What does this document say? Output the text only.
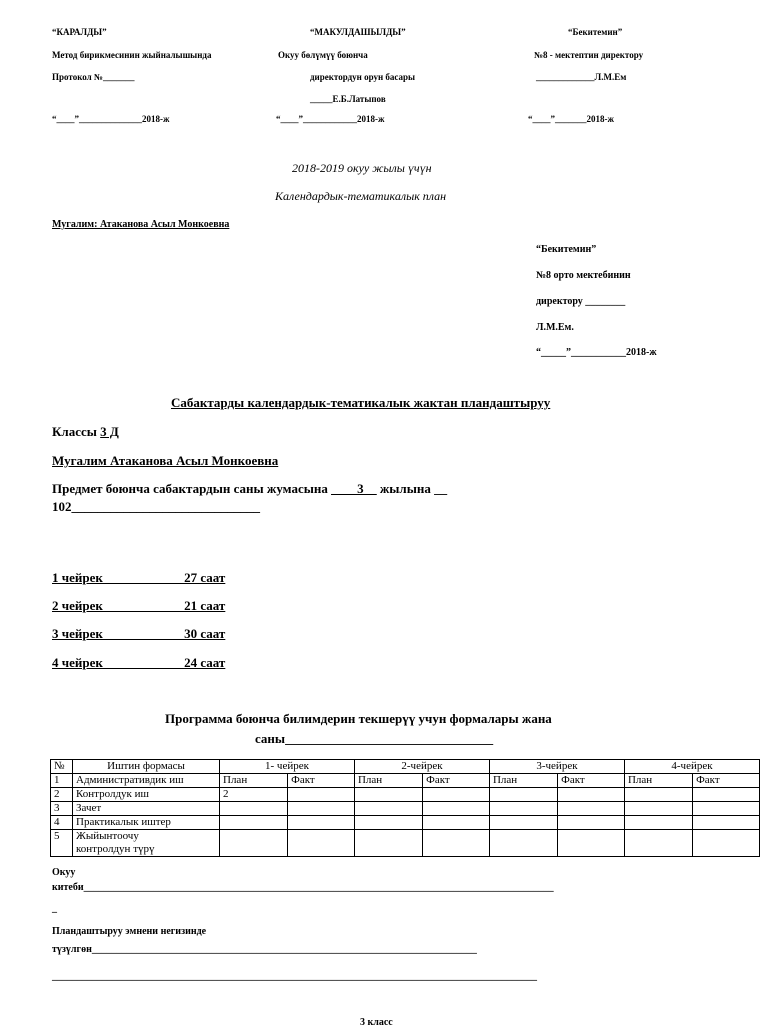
“КАРАЛДЫ”
Метод бирикмесинин жыйналышында
Протокол №_______
“____”______________2018-ж
“МАКУЛДАШЫЛДЫ”
Окуу бөлүмүү боюнча
директордун орун басары
_____Е.Б.Латыпов
“____”____________2018-ж
“Бекитемин”
№8 - мектептин директору
_____________Л.М.Ем
“____”_______2018-ж
2018-2019 окуу жылы үчүн
Календардык-тематикалык план
Мугалим: Атаканова Асыл Монкоевна
“Бекитемин”
№8 орто мектебинин
директору ________
Л.М.Ем.
“_____”___________2018-ж
Сабактарды календардык-тематикалык жактан пландаштыруу
Классы 3 Д
Мугалим Атаканова Асыл Монкоевна
Предмет боюнча сабактардын саны жумасына ____3__ жылына __
102_____________________________
1 чейрек ____________27 саат
2 чейрек ____________21 саат
3 чейрек ____________30 саат
4 чейрек ____________24 саат
Программа боюнча билимдерин текшерүү учун формалары жана
саны________________________________
№	Иштин формасы	1- чейрек		2-чейрек		3-чейрек		4-чейрек	
1	Административдик иш	План	Факт	План	Факт	План	Факт	План	Факт
2	Контролдук иш	2							
3	Зачет								
4	Практикалык иштер								
5	Жыйынтоочу
контролдун түрү								
Окуу
китеби______________________________________________________________________________________________
_
Пландаштыруу эмнени негизинде
түзүлгөн_____________________________________________________________________________
_________________________________________________________________________________________________
3 класс
